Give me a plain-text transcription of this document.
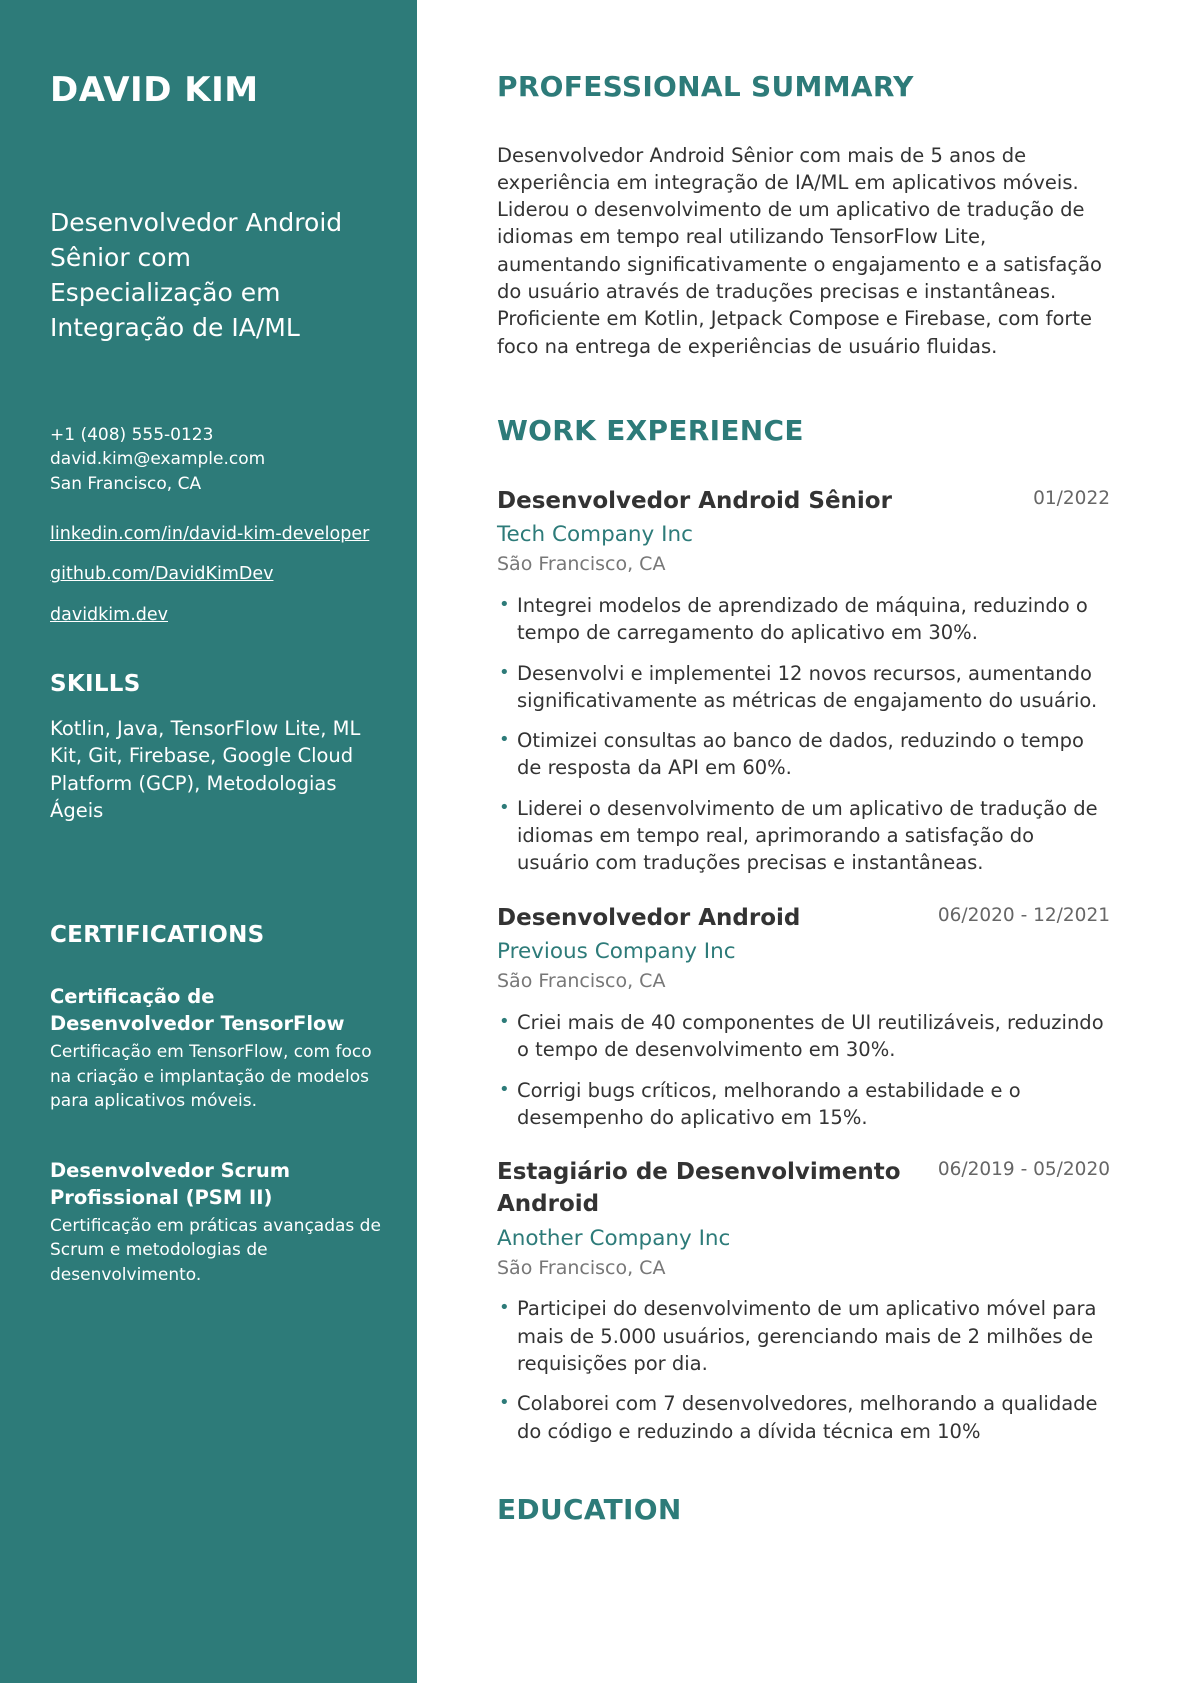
DAVID KIM

Desenvolvedor Android Sênior com Especialização em Integração de IA/ML

+1 (408) 555-0123
david.kim@example.com
San Francisco, CA
linkedin.com/in/david-kim-developer
github.com/DavidKimDev
davidkim.dev
SKILLS

Kotlin, Java, TensorFlow Lite, ML Kit, Git, Firebase, Google Cloud Platform (GCP), Metodologias Ágeis

CERTIFICATIONS
Certificação de Desenvolvedor TensorFlow
Certificação em TensorFlow, com foco na criação e implantação de modelos para aplicativos móveis.
Desenvolvedor Scrum Profissional (PSM II)
Certificação em práticas avançadas de Scrum e metodologias de desenvolvimento.
PROFESSIONAL SUMMARY

Desenvolvedor Android Sênior com mais de 5 anos de experiência em integração de IA/ML em aplicativos móveis. Liderou o desenvolvimento de um aplicativo de tradução de idiomas em tempo real utilizando TensorFlow Lite, aumentando significativamente o engajamento e a satisfação do usuário através de traduções precisas e instantâneas. Proficiente em Kotlin, Jetpack Compose e Firebase, com forte foco na entrega de experiências de usuário fluidas.

WORK EXPERIENCE
Desenvolvedor Android Sênior	01/2022
Tech Company Inc
São Francisco, CA
• Integrei modelos de aprendizado de máquina, reduzindo o tempo de carregamento do aplicativo em 30%.
• Desenvolvi e implementei 12 novos recursos, aumentando significativamente as métricas de engajamento do usuário.
• Otimizei consultas ao banco de dados, reduzindo o tempo de resposta da API em 60%.
• Liderei o desenvolvimento de um aplicativo de tradução de idiomas em tempo real, aprimorando a satisfação do usuário com traduções precisas e instantâneas.
Desenvolvedor Android	06/2020 - 12/2021
Previous Company Inc
São Francisco, CA
• Criei mais de 40 componentes de UI reutilizáveis, reduzindo o tempo de desenvolvimento em 30%.
• Corrigi bugs críticos, melhorando a estabilidade e o desempenho do aplicativo em 15%.
Estagiário de Desenvolvimento Android
06/2019 - 05/2020
Another Company Inc
São Francisco, CA
• Participei do desenvolvimento de um aplicativo móvel para mais de 5.000 usuários, gerenciando mais de 2 milhões de requisições por dia.
• Colaborei com 7 desenvolvedores, melhorando a qualidade do código e reduzindo a dívida técnica em 10%
EDUCATION
